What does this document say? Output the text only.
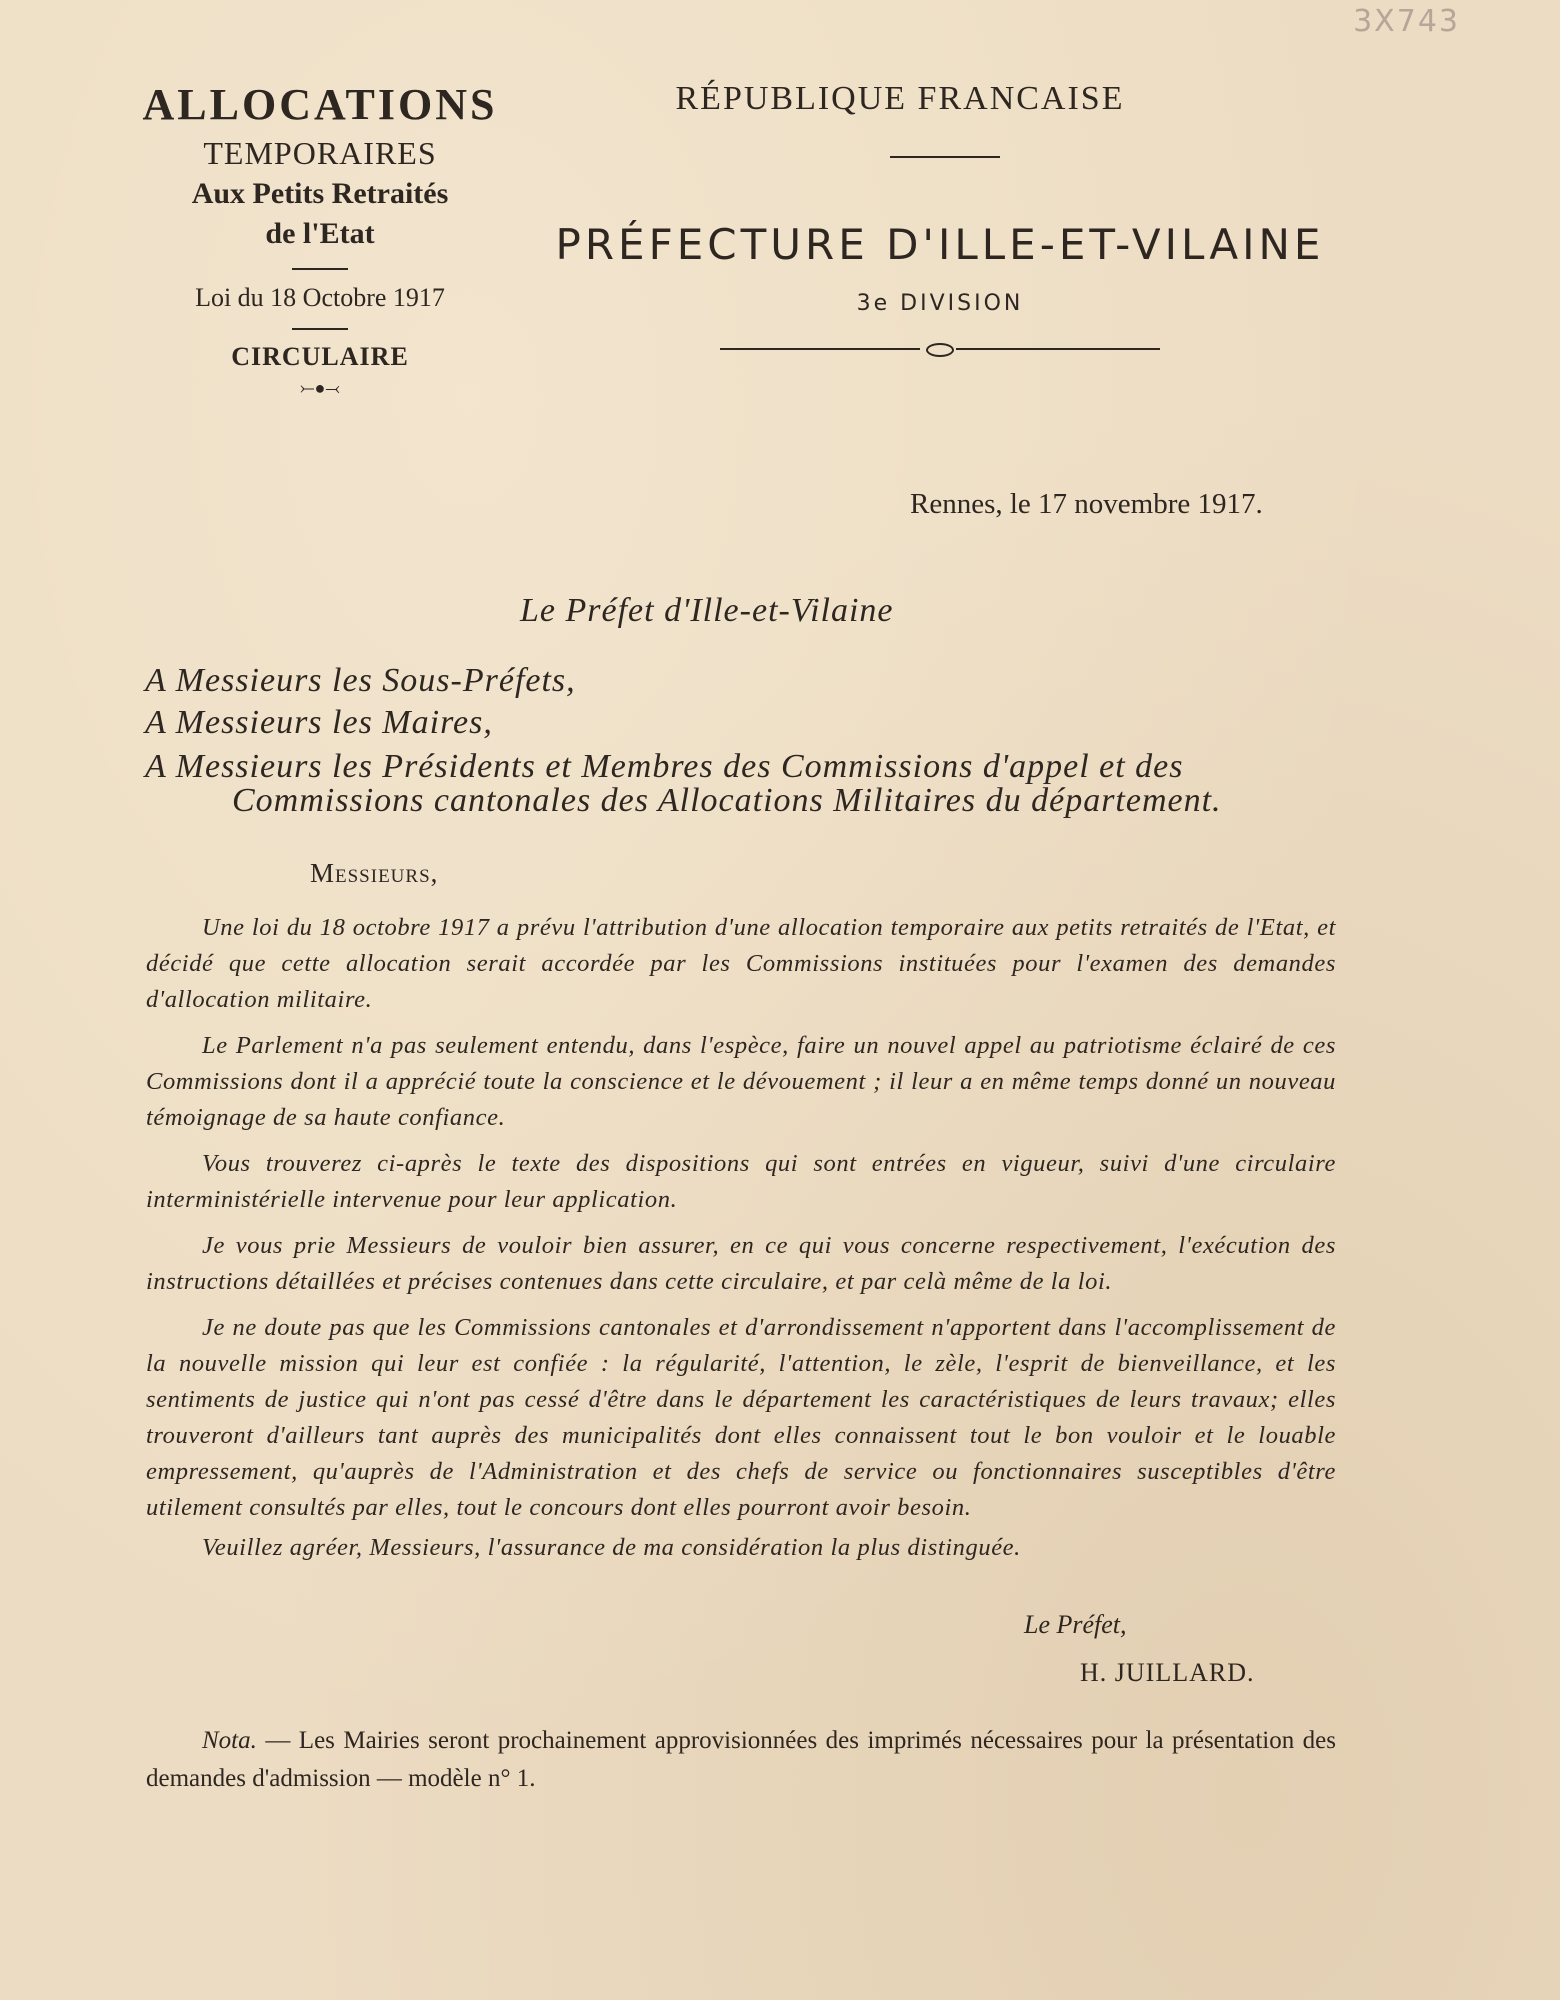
3X743
ALLOCATIONS
TEMPORAIRES
Aux Petits Retraités
de l'Etat
Loi du 18 Octobre 1917
CIRCULAIRE
⤚●⤙
RÉPUBLIQUE FRANCAISE
PRÉFECTURE D'ILLE-ET-VILAINE
3e DIVISION
Rennes, le 17 novembre 1917.
Le Préfet d'Ille-et-Vilaine
A Messieurs les Sous-Préfets,
A Messieurs les Maires,
A Messieurs les Présidents et Membres des Commissions d'appel et des
Commissions cantonales des Allocations Militaires du département.
Messieurs,

Une loi du 18 octobre 1917 a prévu l'attribution d'une allocation temporaire aux petits retraités de l'Etat, et décidé que cette allocation serait accordée par les Commissions instituées pour l'examen des demandes d'allocation militaire.

Le Parlement n'a pas seulement entendu, dans l'espèce, faire un nouvel appel au patriotisme éclairé de ces Commissions dont il a apprécié toute la conscience et le dévouement ; il leur a en même temps donné un nouveau témoignage de sa haute confiance.

Vous trouverez ci-après le texte des dispositions qui sont entrées en vigueur, suivi d'une circulaire interministérielle intervenue pour leur application.

Je vous prie Messieurs de vouloir bien assurer, en ce qui vous concerne respectivement, l'exécution des instructions détaillées et précises contenues dans cette circulaire, et par celà même de la loi.

Je ne doute pas que les Commissions cantonales et d'arrondissement n'apportent dans l'accomplissement de la nouvelle mission qui leur est confiée : la régularité, l'attention, le zèle, l'esprit de bienveillance, et les sentiments de justice qui n'ont pas cessé d'être dans le département les caractéristiques de leurs travaux; elles trouveront d'ailleurs tant auprès des municipalités dont elles connaissent tout le bon vouloir et le louable empressement, qu'auprès de l'Administration et des chefs de service ou fonctionnaires susceptibles d'être utilement consultés par elles, tout le concours dont elles pourront avoir besoin.

Veuillez agréer, Messieurs, l'assurance de ma considération la plus distinguée.

Le Préfet,
H. JUILLARD.

Nota. — Les Mairies seront prochainement approvisionnées des imprimés nécessaires pour la présentation des demandes d'admission — modèle n° 1.
